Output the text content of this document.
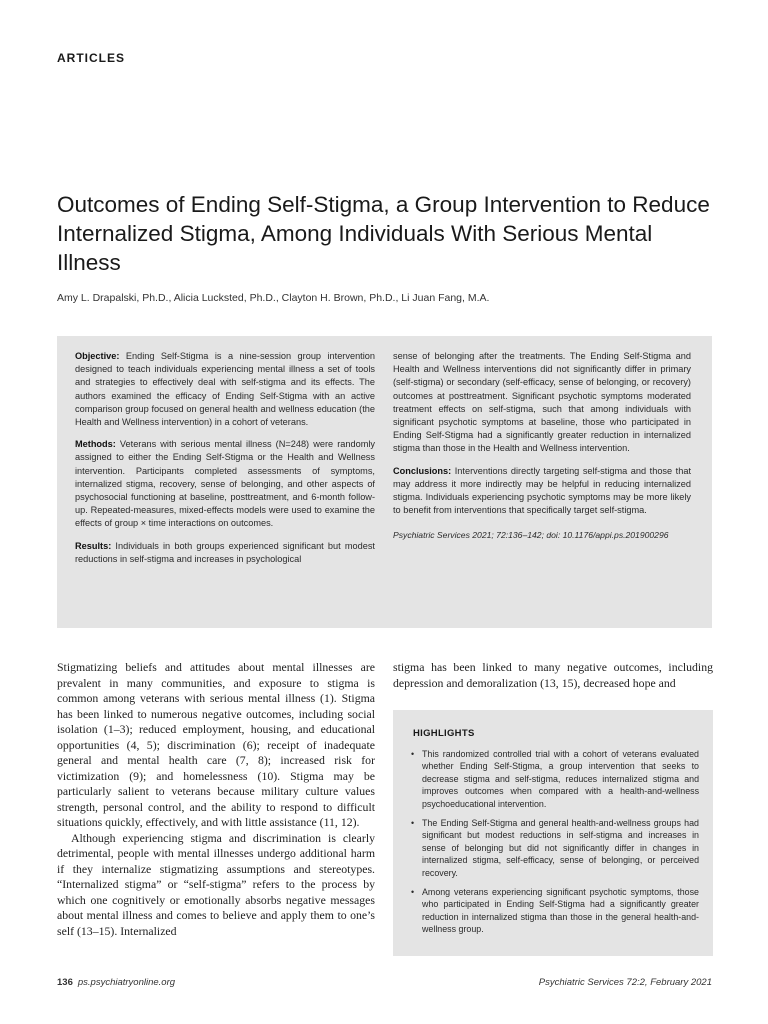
ARTICLES
Outcomes of Ending Self-Stigma, a Group Intervention to Reduce Internalized Stigma, Among Individuals With Serious Mental Illness
Amy L. Drapalski, Ph.D., Alicia Lucksted, Ph.D., Clayton H. Brown, Ph.D., Li Juan Fang, M.A.

Objective: Ending Self-Stigma is a nine-session group intervention designed to teach individuals experiencing mental illness a set of tools and strategies to effectively deal with self-stigma and its effects. The authors examined the efficacy of Ending Self-Stigma with an active comparison group focused on general health and wellness education (the Health and Wellness intervention) in a cohort of veterans.

Methods: Veterans with serious mental illness (N=248) were randomly assigned to either the Ending Self-Stigma or the Health and Wellness intervention. Participants completed assessments of symptoms, internalized stigma, recovery, sense of belonging, and other aspects of psychosocial functioning at baseline, posttreatment, and 6-month follow-up. Repeated-measures, mixed-effects models were used to examine the effects of group × time interactions on outcomes.

Results: Individuals in both groups experienced significant but modest reductions in self-stigma and increases in psychological

sense of belonging after the treatments. The Ending Self-Stigma and Health and Wellness interventions did not significantly differ in primary (self-stigma) or secondary (self-efficacy, sense of belonging, or recovery) outcomes at posttreatment. Significant psychotic symptoms moderated treatment effects on self-stigma, such that among individuals with significant psychotic symptoms at baseline, those who participated in Ending Self-Stigma had a significantly greater reduction in internalized stigma than those in the Health and Wellness intervention.

Conclusions: Interventions directly targeting self-stigma and those that may address it more indirectly may be helpful in reducing internalized stigma. Individuals experiencing psychotic symptoms may be more likely to benefit from interventions that specifically target self-stigma.

Psychiatric Services 2021; 72:136–142; doi: 10.1176/appi.ps.201900296

Stigmatizing beliefs and attitudes about mental illnesses are prevalent in many communities, and exposure to stigma is common among veterans with serious mental illness (1). Stigma has been linked to numerous negative outcomes, including social isolation (1–3); reduced employment, housing, and educational opportunities (4, 5); discrimination (6); receipt of inadequate general and mental health care (7, 8); increased risk for victimization (9); and homelessness (10). Stigma may be particularly salient to veterans because military culture values strength, personal control, and the ability to respond to difficult situations quickly, effectively, and with little assistance (11, 12).

Although experiencing stigma and discrimination is clearly detrimental, people with mental illnesses undergo additional harm if they internalize stigmatizing assumptions and stereotypes. “Internalized stigma” or “self-stigma” refers to the process by which one cognitively or emotionally absorbs negative messages about mental illness and comes to believe and apply them to one’s self (13–15). Internalized

stigma has been linked to many negative outcomes, including depression and demoralization (13, 15), decreased hope and

HIGHLIGHTS
• This randomized controlled trial with a cohort of veterans evaluated whether Ending Self-Stigma, a group intervention that seeks to decrease stigma and self-stigma, reduces internalized stigma and improves outcomes when compared with a health-and-wellness psychoeducational intervention.
• The Ending Self-Stigma and general health-and-wellness groups had significant but modest reductions in self-stigma and increases in sense of belonging but did not significantly differ in changes in internalized stigma, self-efficacy, sense of belonging, or perceived recovery.
• Among veterans experiencing significant psychotic symptoms, those who participated in Ending Self-Stigma had a significantly greater reduction in internalized stigma than those in the general health-and-wellness group.
136 ps.psychiatryonline.org	Psychiatric Services 72:2, February 2021
